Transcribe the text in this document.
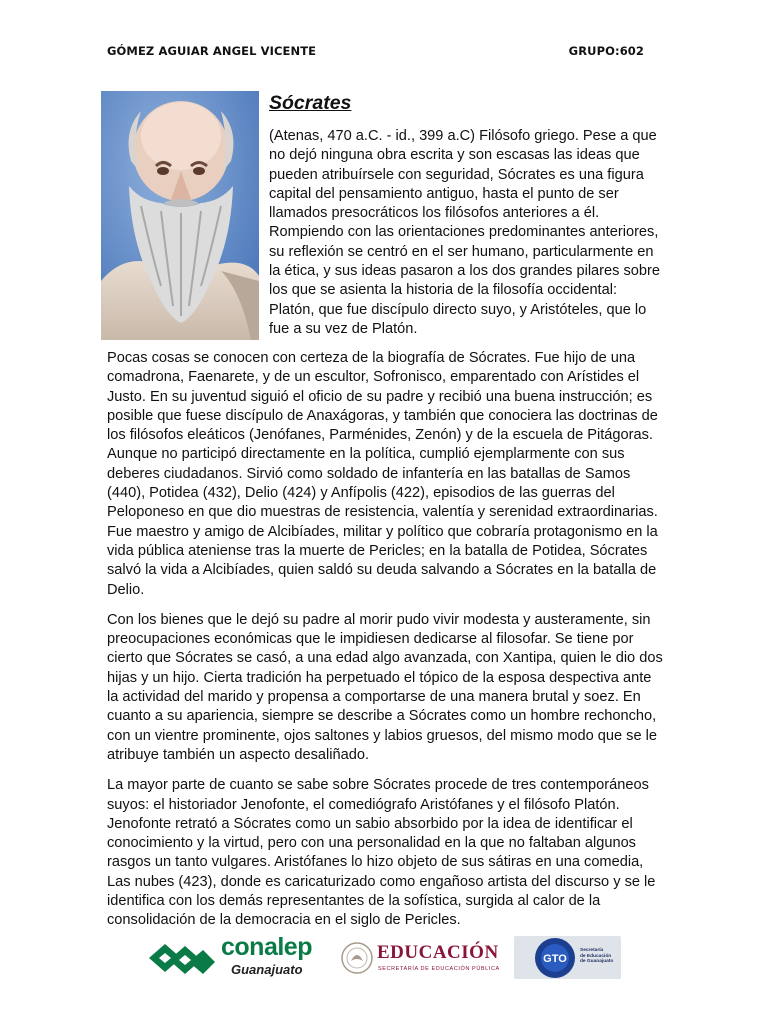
GÓMEZ AGUIAR ANGEL VICENTE	GRUPO:602
Sócrates

(Atenas, 470 a.C. - id., 399 a.C) Filósofo griego. Pese a que no dejó ninguna obra escrita y son escasas las ideas que pueden atribuírsele con seguridad, Sócrates es una figura capital del pensamiento antiguo, hasta el punto de ser llamados presocráticos los filósofos anteriores a él. Rompiendo con las orientaciones predominantes anteriores, su reflexión se centró en el ser humano, particularmente en la ética, y sus ideas pasaron a los dos grandes pilares sobre los que se asienta la historia de la filosofía occidental: Platón, que fue discípulo directo suyo, y Aristóteles, que lo fue a su vez de Platón.

Pocas cosas se conocen con certeza de la biografía de Sócrates. Fue hijo de una comadrona, Faenarete, y de un escultor, Sofronisco, emparentado con Arístides el Justo. En su juventud siguió el oficio de su padre y recibió una buena instrucción; es posible que fuese discípulo de Anaxágoras, y también que conociera las doctrinas de los filósofos eleáticos (Jenófanes, Parménides, Zenón) y de la escuela de Pitágoras. Aunque no participó directamente en la política, cumplió ejemplarmente con sus deberes ciudadanos. Sirvió como soldado de infantería en las batallas de Samos (440), Potidea (432), Delio (424) y Anfípolis (422), episodios de las guerras del Peloponeso en que dio muestras de resistencia, valentía y serenidad extraordinarias. Fue maestro y amigo de Alcibíades, militar y político que cobraría protagonismo en la vida pública ateniense tras la muerte de Pericles; en la batalla de Potidea, Sócrates salvó la vida a Alcibíades, quien saldó su deuda salvando a Sócrates en la batalla de Delio.

Con los bienes que le dejó su padre al morir pudo vivir modesta y austeramente, sin preocupaciones económicas que le impidiesen dedicarse al filosofar. Se tiene por cierto que Sócrates se casó, a una edad algo avanzada, con Xantipa, quien le dio dos hijas y un hijo. Cierta tradición ha perpetuado el tópico de la esposa despectiva ante la actividad del marido y propensa a comportarse de una manera brutal y soez. En cuanto a su apariencia, siempre se describe a Sócrates como un hombre rechoncho, con un vientre prominente, ojos saltones y labios gruesos, del mismo modo que se le atribuye también un aspecto desaliñado.

La mayor parte de cuanto se sabe sobre Sócrates procede de tres contemporáneos suyos: el historiador Jenofonte, el comediógrafo Aristófanes y el filósofo Platón. Jenofonte retrató a Sócrates como un sabio absorbido por la idea de identificar el conocimiento y la virtud, pero con una personalidad en la que no faltaban algunos rasgos un tanto vulgares. Aristófanes lo hizo objeto de sus sátiras en una comedia, Las nubes (423), donde es caricaturizado como engañoso artista del discurso y se le identifica con los demás representantes de la sofística, surgida al calor de la consolidación de la democracia en el siglo de Pericles.

conalep
Guanajuato
EDUCACIÓN
SECRETARÍA DE EDUCACIÓN PÚBLICA
GTO
Secretaría
de Educación
de Guanajuato
